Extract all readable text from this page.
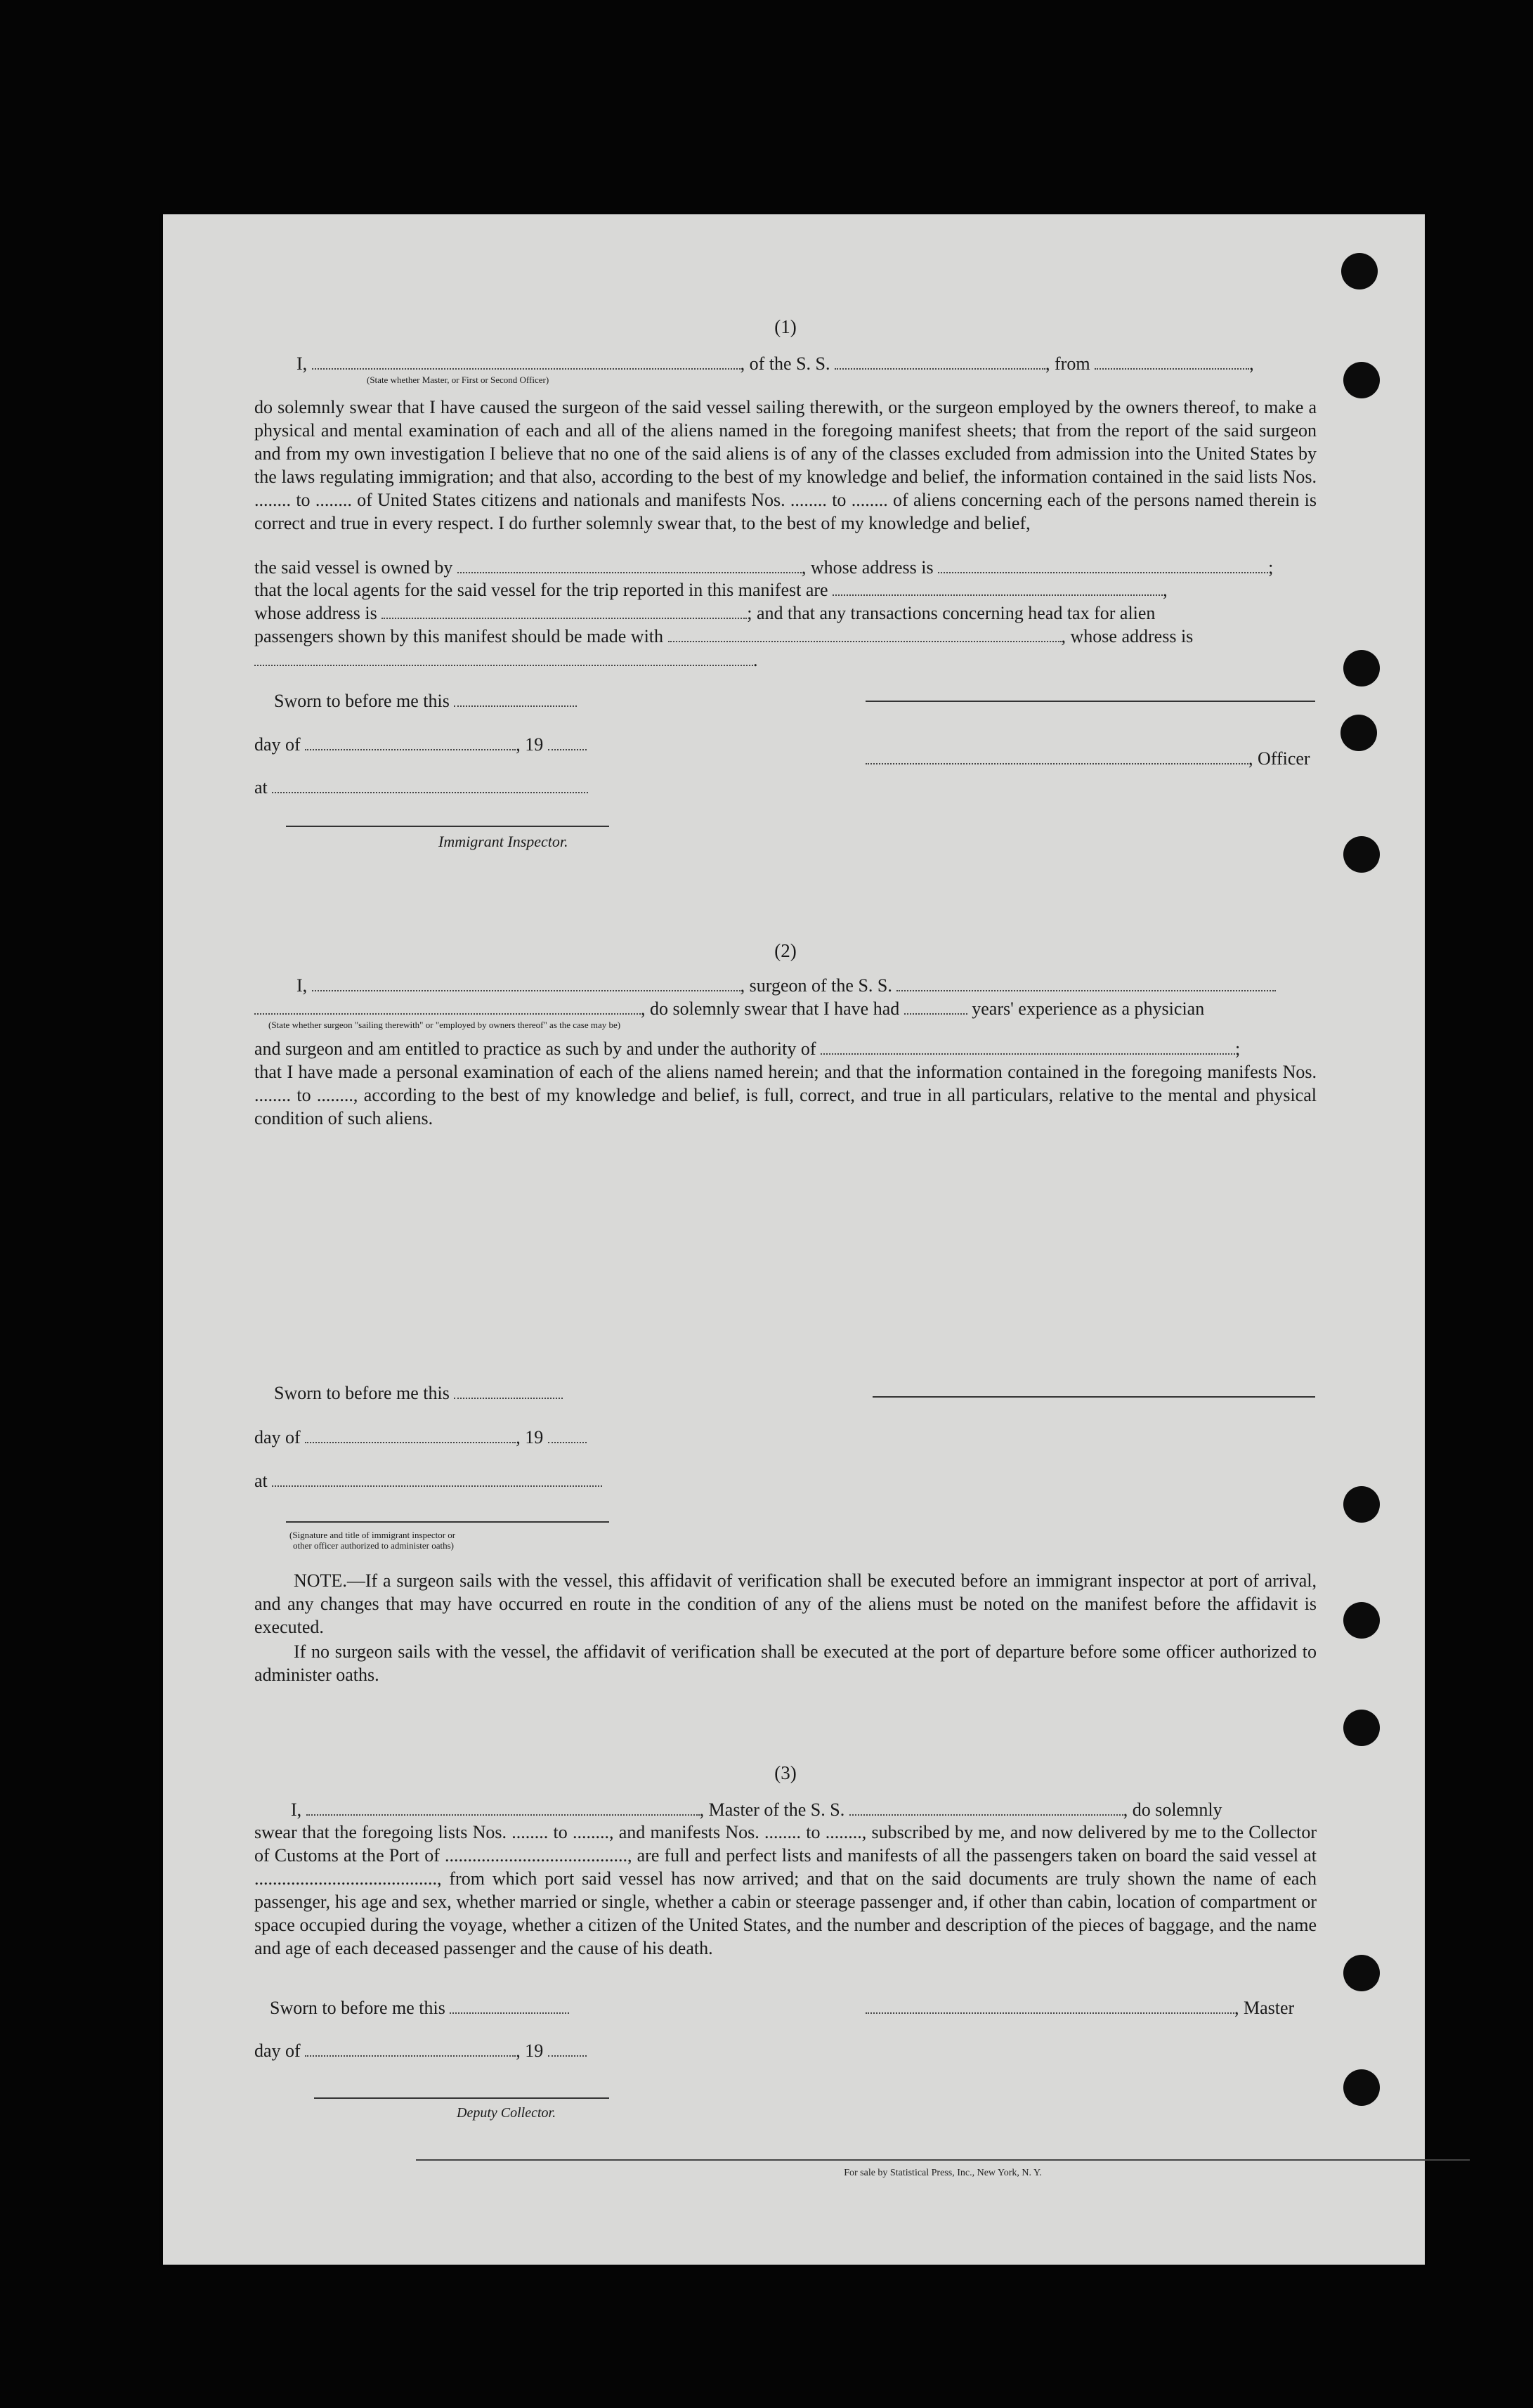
(1)
I,	, of the S. S.	, from	,
(State whether Master, or First or Second Officer)
do solemnly swear that I have caused the surgeon of the said vessel sailing therewith, or the surgeon employed by the owners thereof, to make a physical and mental examination of each and all of the aliens named in the foregoing manifest sheets; that from the report of the said surgeon and from my own investigation I believe that no one of the said aliens is of any of the classes excluded from admission into the United States by the laws regulating immigration; and that also, according to the best of my knowledge and belief, the information contained in the said lists Nos. ........ to ........ of United States citizens and nationals and manifests Nos. ........ to ........ of aliens concerning each of the persons named therein is correct and true in every respect. I do further solemnly swear that, to the best of my knowledge and belief,
the said vessel is owned by	, whose address is	;
that the local agents for the said vessel for the trip reported in this manifest are	,
whose address is	; and that any transactions concerning head tax for alien
passengers shown by this manifest should be made with	, whose address is
.
Sworn to before me this
day of	, 19
at
Immigrant Inspector.
, Officer
(2)
I,	, surgeon of the S. S.
, do solemnly swear that I have had	years' experience as a physician
(State whether surgeon "sailing therewith" or "employed by owners thereof" as the case may be)
and surgeon and am entitled to practice as such by and under the authority of	;
that I have made a personal examination of each of the aliens named herein; and that the information contained in the foregoing manifests Nos. ........ to ........, according to the best of my knowledge and belief, is full, correct, and true in all particulars, relative to the mental and physical condition of such aliens.
Sworn to before me this
day of	, 19
at
(Signature and title of immigrant inspector or
other officer authorized to administer oaths)
NOTE.—If a surgeon sails with the vessel, this affidavit of verification shall be executed before an immigrant inspector at port of arrival, and any changes that may have occurred en route in the condition of any of the aliens must be noted on the manifest before the affidavit is executed.
If no surgeon sails with the vessel, the affidavit of verification shall be executed at the port of departure before some officer authorized to administer oaths.
(3)
I,	, Master of the S. S.	, do solemnly
swear that the foregoing lists Nos. ........ to ........, and manifests Nos. ........ to ........, subscribed by me, and now delivered by me to the Collector of Customs at the Port of ........................................, are full and perfect lists and manifests of all the passengers taken on board the said vessel at ........................................, from which port said vessel has now arrived; and that on the said documents are truly shown the name of each passenger, his age and sex, whether married or single, whether a cabin or steerage passenger and, if other than cabin, location of compartment or space occupied during the voyage, whether a citizen of the United States, and the number and description of the pieces of baggage, and the name and age of each deceased passenger and the cause of his death.
Sworn to before me this	, Master
day of	, 19
Deputy Collector.
For sale by Statistical Press, Inc., New York, N. Y.
